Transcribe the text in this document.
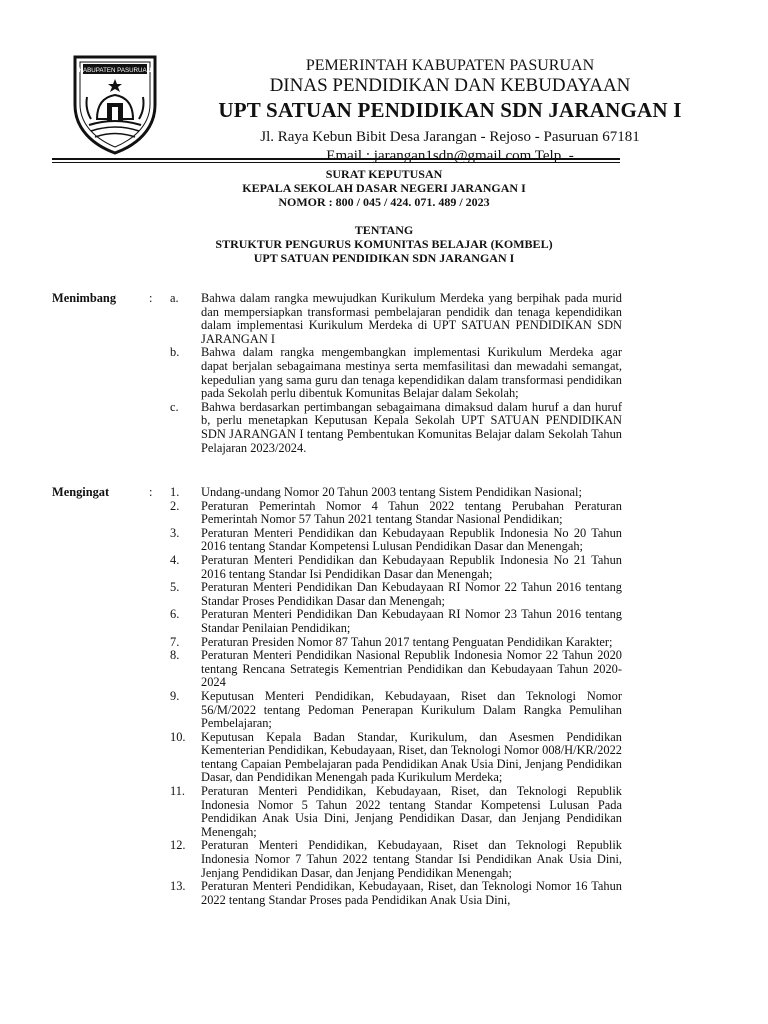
KABUPATEN PASURUAN	PEMERINTAH KABUPATEN PASURUAN
DINAS PENDIDIKAN DAN KEBUDAYAAN
UPT SATUAN PENDIDIKAN SDN JARANGAN I
Jl. Raya Kebun Bibit Desa Jarangan - Rejoso - Pasuruan 67181
Email : jarangan1sdn@gmail.com Telp. -
SURAT KEPUTUSAN
KEPALA SEKOLAH DASAR NEGERI JARANGAN I
NOMOR : 800 / 045 / 424. 071. 489 / 2023
TENTANG
STRUKTUR PENGURUS KOMUNITAS BELAJAR (KOMBEL)
UPT SATUAN PENDIDIKAN SDN JARANGAN I
Menimbang	: a. Bahwa dalam rangka mewujudkan Kurikulum Merdeka yang berpihak pada murid dan mempersiapkan transformasi pembelajaran pendidik dan tenaga kependidikan dalam implementasi Kurikulum Merdeka di UPT SATUAN PENDIDIKAN SDN JARANGAN I
b. Bahwa dalam rangka mengembangkan implementasi Kurikulum Merdeka agar dapat berjalan sebagaimana mestinya serta memfasilitasi dan mewadahi semangat, kepedulian yang sama guru dan tenaga kependidikan dalam transformasi pendidikan pada Sekolah perlu dibentuk Komunitas Belajar dalam Sekolah;
c. Bahwa berdasarkan pertimbangan sebagaimana dimaksud dalam huruf a dan huruf b, perlu menetapkan Keputusan Kepala Sekolah UPT SATUAN PENDIDIKAN SDN JARANGAN I tentang Pembentukan Komunitas Belajar dalam Sekolah Tahun Pelajaran 2023/2024.
Mengingat	: 1. Undang-undang Nomor 20 Tahun 2003 tentang Sistem Pendidikan Nasional;
2. Peraturan Pemerintah Nomor 4 Tahun 2022 tentang Perubahan Peraturan Pemerintah Nomor 57 Tahun 2021 tentang Standar Nasional Pendidikan;
3. Peraturan Menteri Pendidikan dan Kebudayaan Republik Indonesia No 20 Tahun 2016 tentang Standar Kompetensi Lulusan Pendidikan Dasar dan Menengah;
4. Peraturan Menteri Pendidikan dan Kebudayaan Republik Indonesia No 21 Tahun 2016 tentang Standar Isi Pendidikan Dasar dan Menengah;
5. Peraturan Menteri Pendidikan Dan Kebudayaan RI Nomor 22 Tahun 2016 tentang Standar Proses Pendidikan Dasar dan Menengah;
6. Peraturan Menteri Pendidikan Dan Kebudayaan RI Nomor 23 Tahun 2016 tentang Standar Penilaian Pendidikan;
7. Peraturan Presiden Nomor 87 Tahun 2017 tentang Penguatan Pendidikan Karakter;
8. Peraturan Menteri Pendidikan Nasional Republik Indonesia Nomor 22 Tahun 2020 tentang Rencana Setrategis Kementrian Pendidikan dan Kebudayaan Tahun 2020-2024
9. Keputusan Menteri Pendidikan, Kebudayaan, Riset dan Teknologi Nomor 56/M/2022 tentang Pedoman Penerapan Kurikulum Dalam Rangka Pemulihan Pembelajaran;
10. Keputusan Kepala Badan Standar, Kurikulum, dan Asesmen Pendidikan Kementerian Pendidikan, Kebudayaan, Riset, dan Teknologi Nomor 008/H/KR/2022 tentang Capaian Pembelajaran pada Pendidikan Anak Usia Dini, Jenjang Pendidikan Dasar, dan Pendidikan Menengah pada Kurikulum Merdeka;
11. Peraturan Menteri Pendidikan, Kebudayaan, Riset, dan Teknologi Republik Indonesia Nomor 5 Tahun 2022 tentang Standar Kompetensi Lulusan Pada Pendidikan Anak Usia Dini, Jenjang Pendidikan Dasar, dan Jenjang Pendidikan Menengah;
12. Peraturan Menteri Pendidikan, Kebudayaan, Riset dan Teknologi Republik Indonesia Nomor 7 Tahun 2022 tentang Standar Isi Pendidikan Anak Usia Dini, Jenjang Pendidikan Dasar, dan Jenjang Pendidikan Menengah;
13. Peraturan Menteri Pendidikan, Kebudayaan, Riset, dan Teknologi Nomor 16 Tahun 2022 tentang Standar Proses pada Pendidikan Anak Usia Dini,
